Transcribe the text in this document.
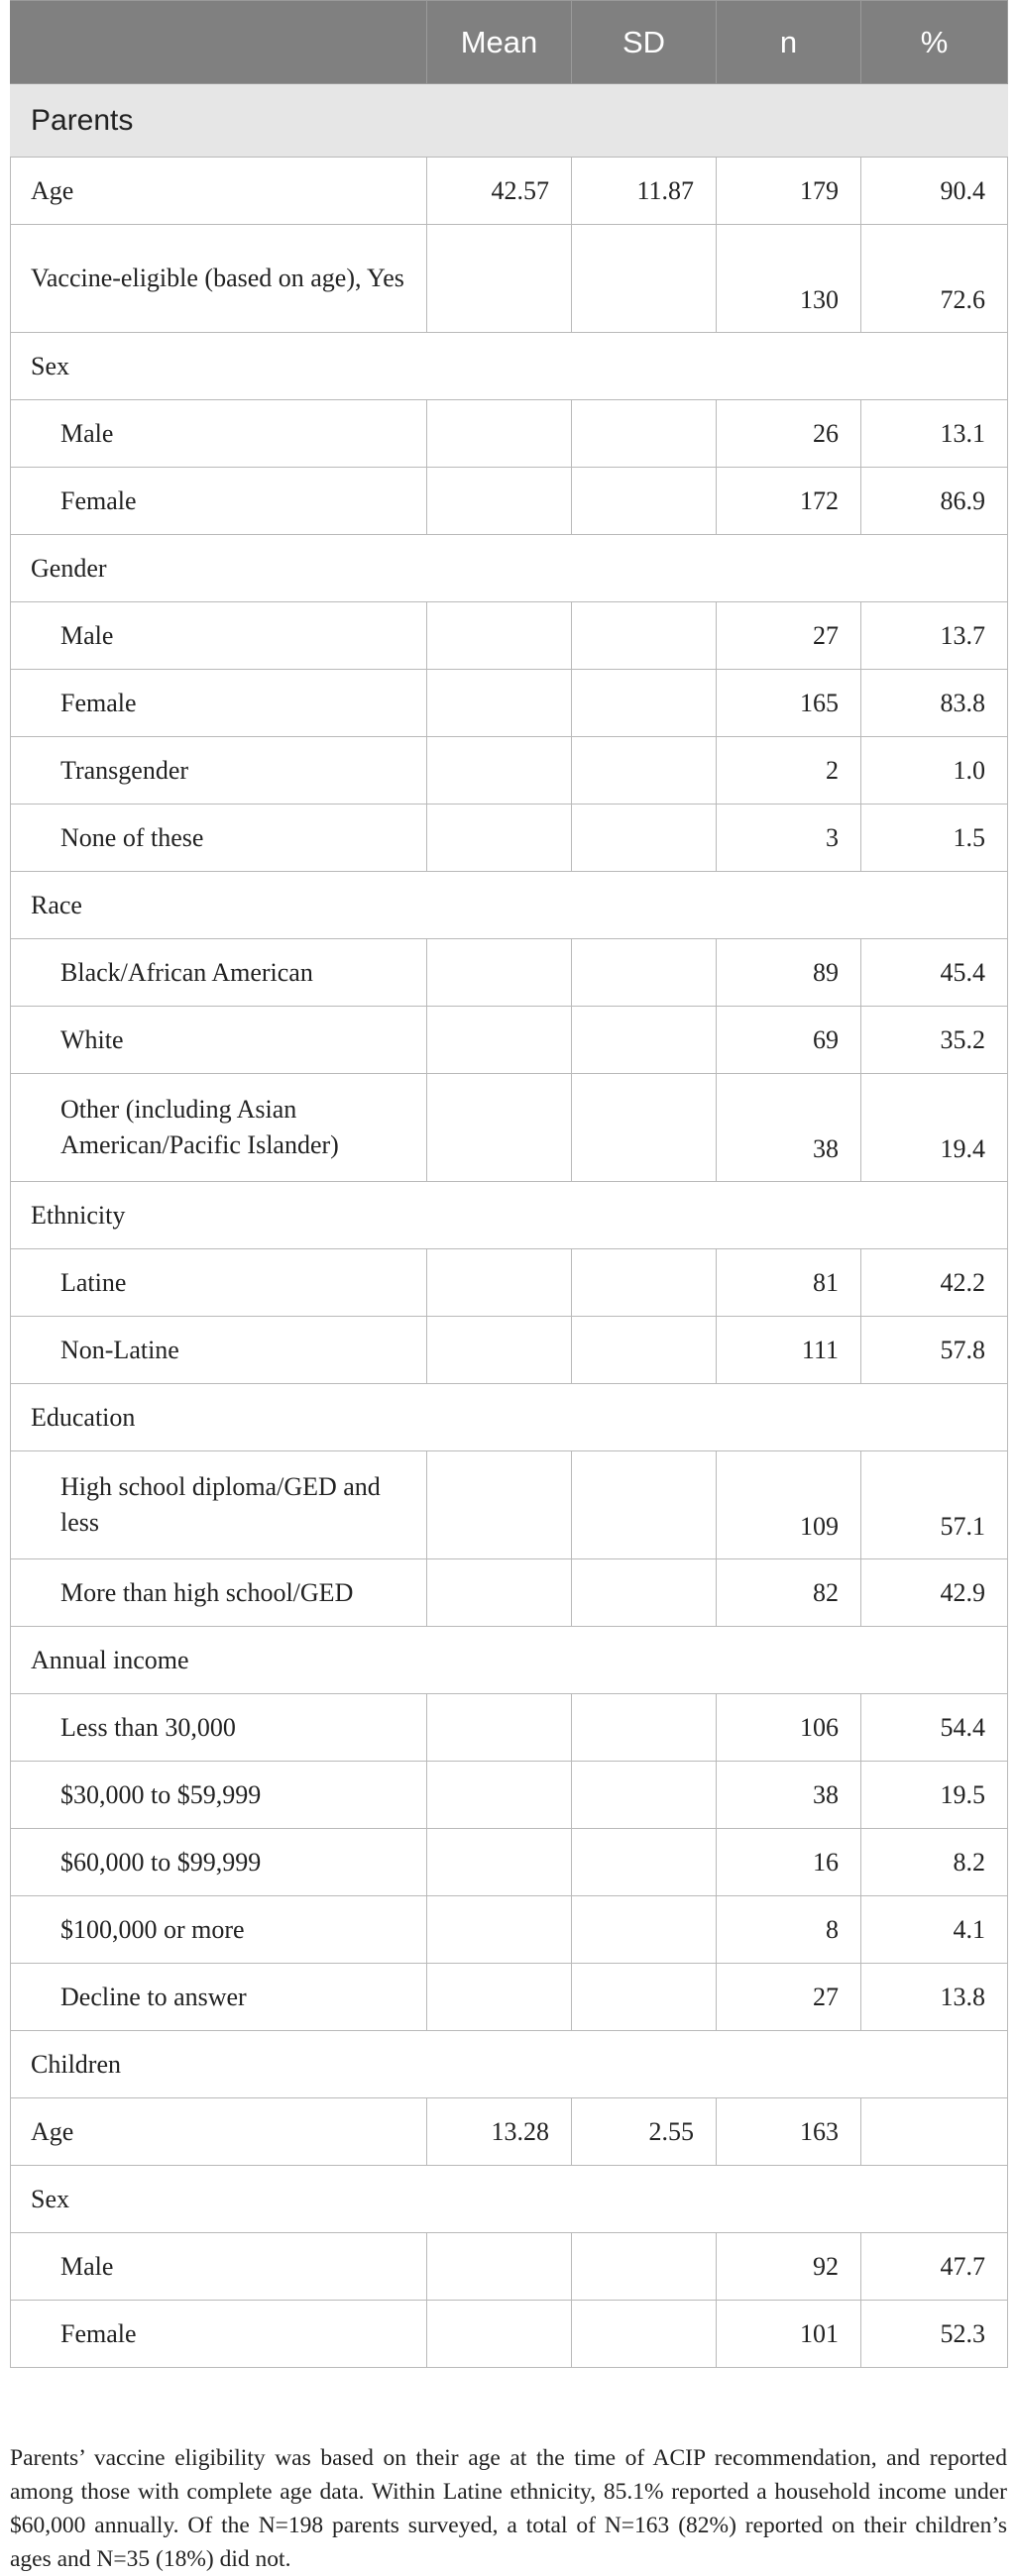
	Mean	SD	n	%
Parents				
Age	42.57	11.87	179	90.4
Vaccine-eligible (based on age), Yes			130	72.6
Sex				
Male			26	13.1
Female			172	86.9
Gender				
Male			27	13.7
Female			165	83.8
Transgender			2	1.0
None of these			3	1.5
Race				
Black/African American			89	45.4
White			69	35.2
Other (including Asian American/Pacific Islander)			38	19.4
Ethnicity				
Latine			81	42.2
Non-Latine			111	57.8
Education				
High school diploma/GED and less			109	57.1
More than high school/GED			82	42.9
Annual income				
Less than 30,000			106	54.4
$30,000 to $59,999			38	19.5
$60,000 to $99,999			16	8.2
$100,000 or more			8	4.1
Decline to answer			27	13.8
Children				
Age	13.28	2.55	163	
Sex				
Male			92	47.7
Female			101	52.3

Parents’ vaccine eligibility was based on their age at the time of ACIP recommendation, and reported among those with complete age data. Within Latine ethnicity, 85.1% reported a household income under $60,000 annually. Of the N=198 parents surveyed, a total of N=163 (82%) reported on their children’s ages and N=35 (18%) did not.
